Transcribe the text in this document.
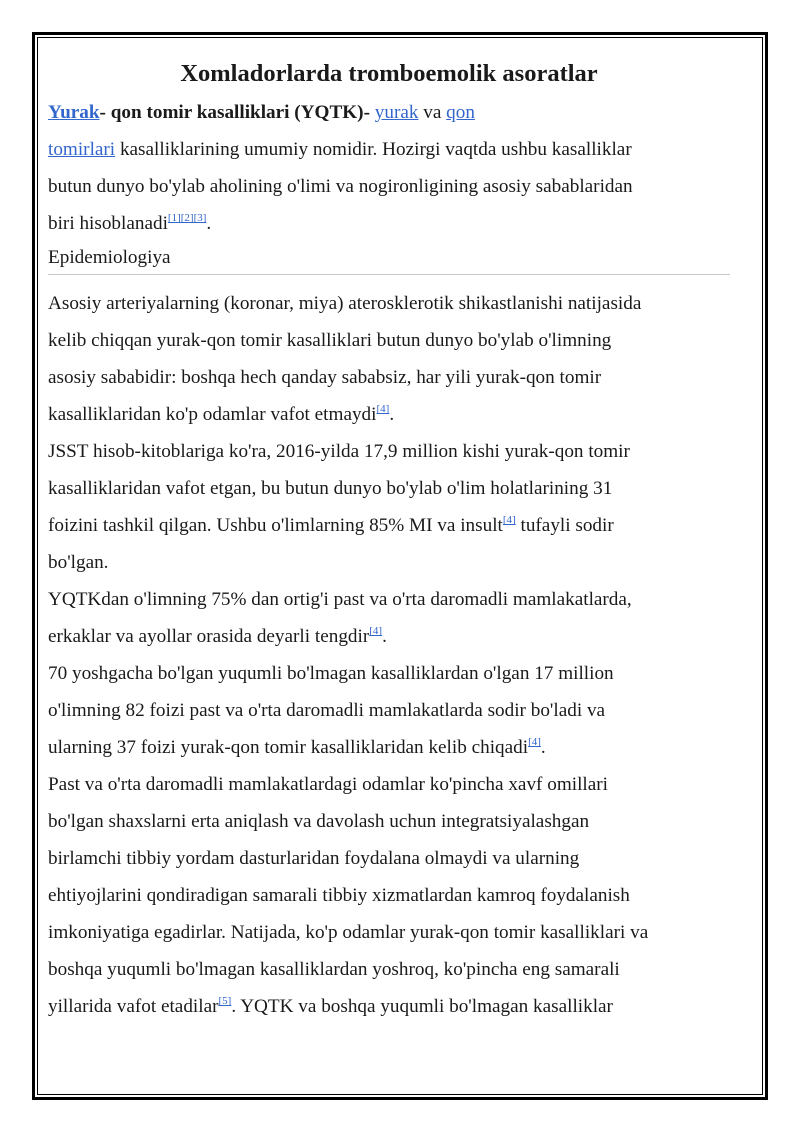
Xomladorlarda tromboemolik asoratlar

Yurak- qon tomir kasalliklari (YQTK)- yurak va qon
tomirlari kasalliklarining umumiy nomidir. Hozirgi vaqtda ushbu kasalliklar
butun dunyo bo'ylab aholining o'limi va nogironligining asosiy sabablaridan
biri hisoblanadi[1][2][3].

Epidemiologiya

Asosiy arteriyalarning (koronar, miya) aterosklerotik shikastlanishi natijasida
kelib chiqqan yurak-qon tomir kasalliklari butun dunyo bo'ylab o'limning
asosiy sababidir: boshqa hech qanday sababsiz, har yili yurak-qon tomir
kasalliklaridan ko'p odamlar vafot etmaydi[4].

JSST hisob-kitoblariga ko'ra, 2016-yilda 17,9 million kishi yurak-qon tomir
kasalliklaridan vafot etgan, bu butun dunyo bo'ylab o'lim holatlarining 31
foizini tashkil qilgan. Ushbu o'limlarning 85% MI va insult[4] tufayli sodir
bo'lgan.

YQTKdan o'limning 75% dan ortig'i past va o'rta daromadli mamlakatlarda,
erkaklar va ayollar orasida deyarli tengdir[4].

70 yoshgacha bo'lgan yuqumli bo'lmagan kasalliklardan o'lgan 17 million
o'limning 82 foizi past va o'rta daromadli mamlakatlarda sodir bo'ladi va
ularning 37 foizi yurak-qon tomir kasalliklaridan kelib chiqadi[4].

Past va o'rta daromadli mamlakatlardagi odamlar ko'pincha xavf omillari
bo'lgan shaxslarni erta aniqlash va davolash uchun integratsiyalashgan
birlamchi tibbiy yordam dasturlaridan foydalana olmaydi va ularning
ehtiyojlarini qondiradigan samarali tibbiy xizmatlardan kamroq foydalanish
imkoniyatiga egadirlar. Natijada, ko'p odamlar yurak-qon tomir kasalliklari va
boshqa yuqumli bo'lmagan kasalliklardan yoshroq, ko'pincha eng samarali
yillarida vafot etadilar[5]. YQTK va boshqa yuqumli bo'lmagan kasalliklar
